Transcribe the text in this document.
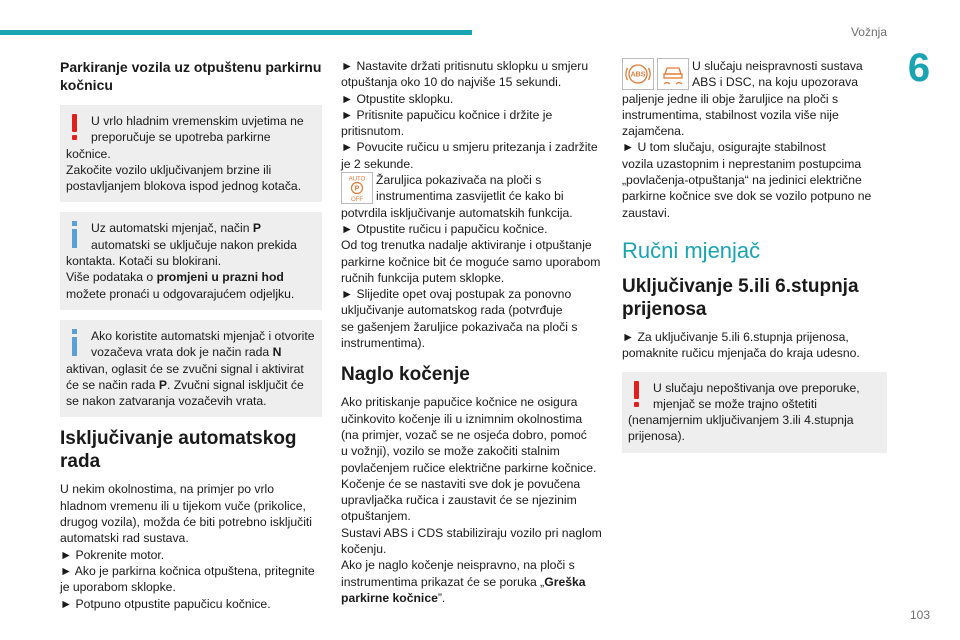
Vožnja
6
103
Parkiranje vozila uz otpuštenu parkirnu kočnicu
U vrlo hladnim vremenskim uvjetima ne
preporučuje se upotreba parkirne
kočnice.
Zakočite vozilo uključivanjem brzine ili
postavljanjem blokova ispod jednog kotača.
Uz automatski mjenjač, način P
automatski se uključuje nakon prekida
kontakta. Kotači su blokirani.
Više podataka o promjeni u prazni hod
možete pronaći u odgovarajućem odjeljku.
Ako koristite automatski mjenjač i otvorite
vozačeva vrata dok je način rada N
aktivan, oglasit će se zvučni signal i aktivirat
će se način rada P. Zvučni signal isključit će
se nakon zatvaranja vozačevih vrata.
Isključivanje automatskog rada
U nekim okolnostima, na primjer po vrlo
hladnom vremenu ili u tijekom vuče (prikolice,
drugog vozila), možda će biti potrebno isključiti
automatski rad sustava.
► Pokrenite motor.
► Ako je parkirna kočnica otpuštena, pritegnite
je uporabom sklopke.
► Potpuno otpustite papučicu kočnice.
► Nastavite držati pritisnutu sklopku u smjeru
otpuštanja oko 10 do najviše 15 sekundi.
► Otpustite sklopku.
► Pritisnite papučicu kočnice i držite je
pritisnutom.
► Povucite ručicu u smjeru pritezanja i zadržite
je 2 sekunde.
AUTO
P
OFF
Žaruljica pokazivača na ploči s
instrumentima zasvijetlit će kako bi
potvrdila isključivanje automatskih funkcija.
► Otpustite ručicu i papučicu kočnice.
Od tog trenutka nadalje aktiviranje i otpuštanje
parkirne kočnice bit će moguće samo uporabom
ručnih funkcija putem sklopke.
► Slijedite opet ovaj postupak za ponovno
uključivanje automatskog rada (potvrđuje
se gašenjem žaruljice pokazivača na ploči s
instrumentima).
Naglo kočenje
Ako pritiskanje papučice kočnice ne osigura
učinkovito kočenje ili u iznimnim okolnostima
(na primjer, vozač se ne osjeća dobro, pomoć
u vožnji), vozilo se može zakočiti stalnim
povlačenjem ručice električne parkirne kočnice.
Kočenje će se nastaviti sve dok je povučena
upravljačka ručica i zaustavit će se njezinim
otpuštanjem.
Sustavi ABS i CDS stabiliziraju vozilo pri naglom
kočenju.
Ako je naglo kočenje neispravno, na ploči s
instrumentima prikazat će se poruka „Greška
parkirne kočnice”.
ABS
U slučaju neispravnosti sustava
ABS i DSC, na koju upozorava
paljenje jedne ili obje žaruljice na ploči s
instrumentima, stabilnost vozila više nije
zajamčena.
► U tom slučaju, osigurajte stabilnost
vozila uzastopnim i neprestanim postupcima
„povlačenja-otpuštanja“ na jedinici električne
parkirne kočnice sve dok se vozilo potpuno ne
zaustavi.
Ručni mjenjač
Uključivanje 5.ili 6.stupnja prijenosa
► Za uključivanje 5.ili 6.stupnja prijenosa,
pomaknite ručicu mjenjača do kraja udesno.
U slučaju nepoštivanja ove preporuke,
mjenjač se može trajno oštetiti
(nenamjernim uključivanjem 3.ili 4.stupnja
prijenosa).
